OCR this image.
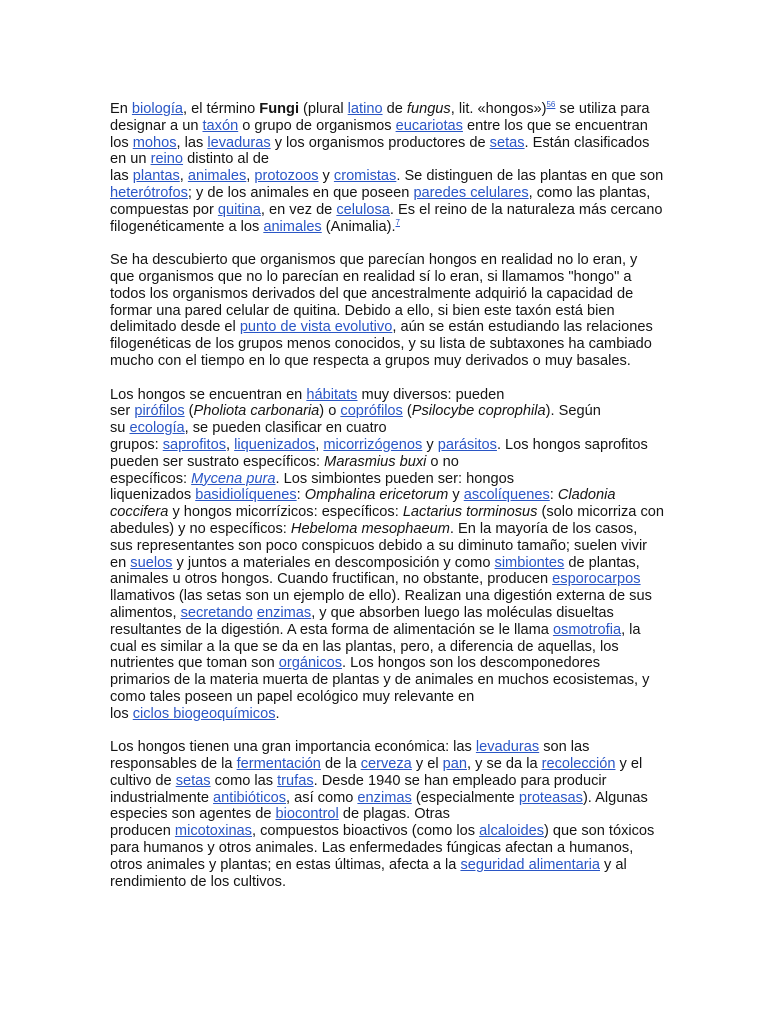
En biología, el término Fungi (plural latino de fungus, lit. «hongos»)$^{56}$ se utiliza para designar a un taxón o grupo de organismos eucariotas entre los que se encuentran los mohos, las levaduras y los organismos productores de setas. Están clasificados en un reino distinto al de
las plantas, animales, protozoos y cromistas. Se distinguen de las plantas en que son heterótrofos; y de los animales en que poseen paredes celulares, como las plantas, compuestas por quitina, en vez de celulosa. Es el reino de la naturaleza más cercano filogenéticamente a los animales (Animalia).$^7$

Se ha descubierto que organismos que parecían hongos en realidad no lo eran, y que organismos que no lo parecían en realidad sí lo eran, si llamamos "hongo" a todos los organismos derivados del que ancestralmente adquirió la capacidad de formar una pared celular de quitina. Debido a ello, si bien este taxón está bien delimitado desde el punto de vista evolutivo, aún se están estudiando las relaciones filogenéticas de los grupos menos conocidos, y su lista de subtaxones ha cambiado mucho con el tiempo en lo que respecta a grupos muy derivados o muy basales.

Los hongos se encuentran en hábitats muy diversos: pueden
ser pirófilos (Pholiota carbonaria) o coprófilos (Psilocybe coprophila). Según
su ecología, se pueden clasificar en cuatro
grupos: saprofitos, liquenizados, micorrizógenos y parásitos. Los hongos saprofitos pueden ser sustrato específicos: Marasmius buxi o no
específicos: Mycena pura. Los simbiontes pueden ser: hongos
liquenizados basidiolíquenes: Omphalina ericetorum y ascolíquenes: Cladonia coccifera y hongos micorrízicos: específicos: Lactarius torminosus (solo micorriza con abedules) y no específicos: Hebeloma mesophaeum. En la mayoría de los casos, sus representantes son poco conspicuos debido a su diminuto tamaño; suelen vivir en suelos y juntos a materiales en descomposición y como simbiontes de plantas, animales u otros hongos. Cuando fructifican, no obstante, producen esporocarpos llamativos (las setas son un ejemplo de ello). Realizan una digestión externa de sus
alimentos, secretando enzimas, y que absorben luego las moléculas disueltas resultantes de la digestión. A esta forma de alimentación se le llama osmotrofia, la cual es similar a la que se da en las plantas, pero, a diferencia de aquellas, los nutrientes que toman son orgánicos. Los hongos son los descomponedores primarios de la materia muerta de plantas y de animales en muchos ecosistemas, y como tales poseen un papel ecológico muy relevante en
los ciclos biogeoquímicos.

Los hongos tienen una gran importancia económica: las levaduras son las responsables de la fermentación de la cerveza y el pan, y se da la recolección y el cultivo de setas como las trufas. Desde 1940 se han empleado para producir industrialmente antibióticos, así como enzimas (especialmente proteasas). Algunas especies son agentes de biocontrol de plagas. Otras
producen micotoxinas, compuestos bioactivos (como los alcaloides) que son tóxicos para humanos y otros animales. Las enfermedades fúngicas afectan a humanos, otros animales y plantas; en estas últimas, afecta a la seguridad alimentaria y al rendimiento de los cultivos.
